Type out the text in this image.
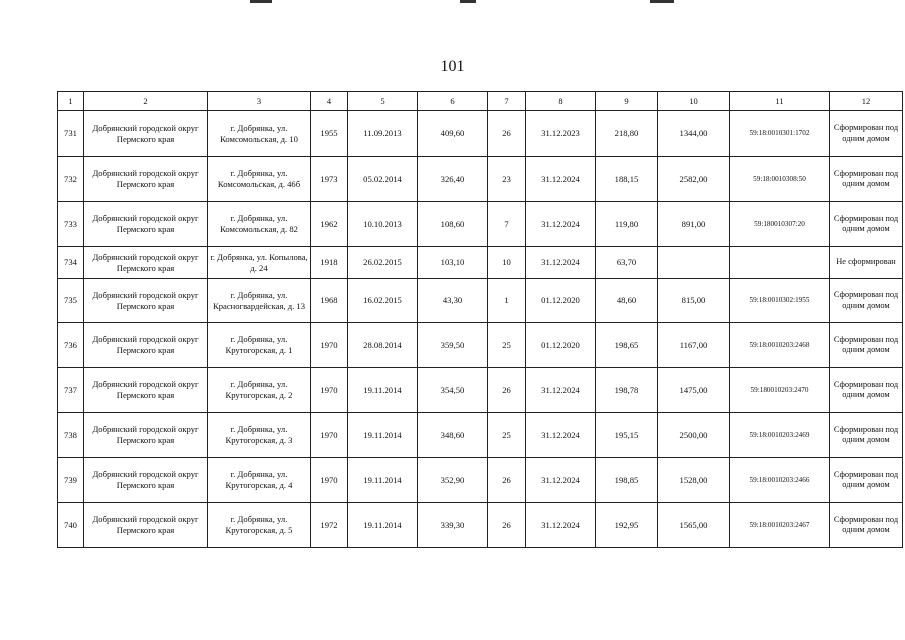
101
1	2	3	4	5	6	7	8	9	10	11	12
731	Добрянский городской округ Пермского края	г. Добрянка, ул. Комсомольская, д. 10	1955	11.09.2013	409,60	26	31.12.2023	218,80	1344,00	59:18:0010301:1702	Сформирован под одним домом
732	Добрянский городской округ Пермского края	г. Добрянка, ул. Комсомольская, д. 46б	1973	05.02.2014	326,40	23	31.12.2024	188,15	2582,00	59:18:0010308:50	Сформирован под одним домом
733	Добрянский городской округ Пермского края	г. Добрянка, ул. Комсомольская, д. 82	1962	10.10.2013	108,60	7	31.12.2024	119,80	891,00	59:180010307:20	Сформирован под одним домом
734	Добрянский городской округ Пермского края	г. Добрянка, ул. Копылова, д. 24	1918	26.02.2015	103,10	10	31.12.2024	63,70			Не сформирован
735	Добрянский городской округ Пермского края	г. Добрянка, ул. Красногвардейская, д. 13	1968	16.02.2015	43,30	1	01.12.2020	48,60	815,00	59:18:0010302:1955	Сформирован под одним домом
736	Добрянский городской округ Пермского края	г. Добрянка, ул. Крутогорская, д. 1	1970	28.08.2014	359,50	25	01.12.2020	198,65	1167,00	59:18:0010203:2468	Сформирован под одним домом
737	Добрянский городской округ Пермского края	г. Добрянка, ул. Крутогорская, д. 2	1970	19.11.2014	354,50	26	31.12.2024	198,78	1475,00	59:180010203:2470	Сформирован под одним домом
738	Добрянский городской округ Пермского края	г. Добрянка, ул. Крутогорская, д. 3	1970	19.11.2014	348,60	25	31.12.2024	195,15	2500,00	59:18:0010203:2469	Сформирован под одним домом
739	Добрянский городской округ Пермского края	г. Добрянка, ул. Крутогорская, д. 4	1970	19.11.2014	352,90	26	31.12.2024	198,85	1528,00	59:18:0010203:2466	Сформирован под одним домом
740	Добрянский городской округ Пермского края	г. Добрянка, ул. Крутогорская, д. 5	1972	19.11.2014	339,30	26	31.12.2024	192,95	1565,00	59:18:0010203:2467	Сформирован под одним домом
